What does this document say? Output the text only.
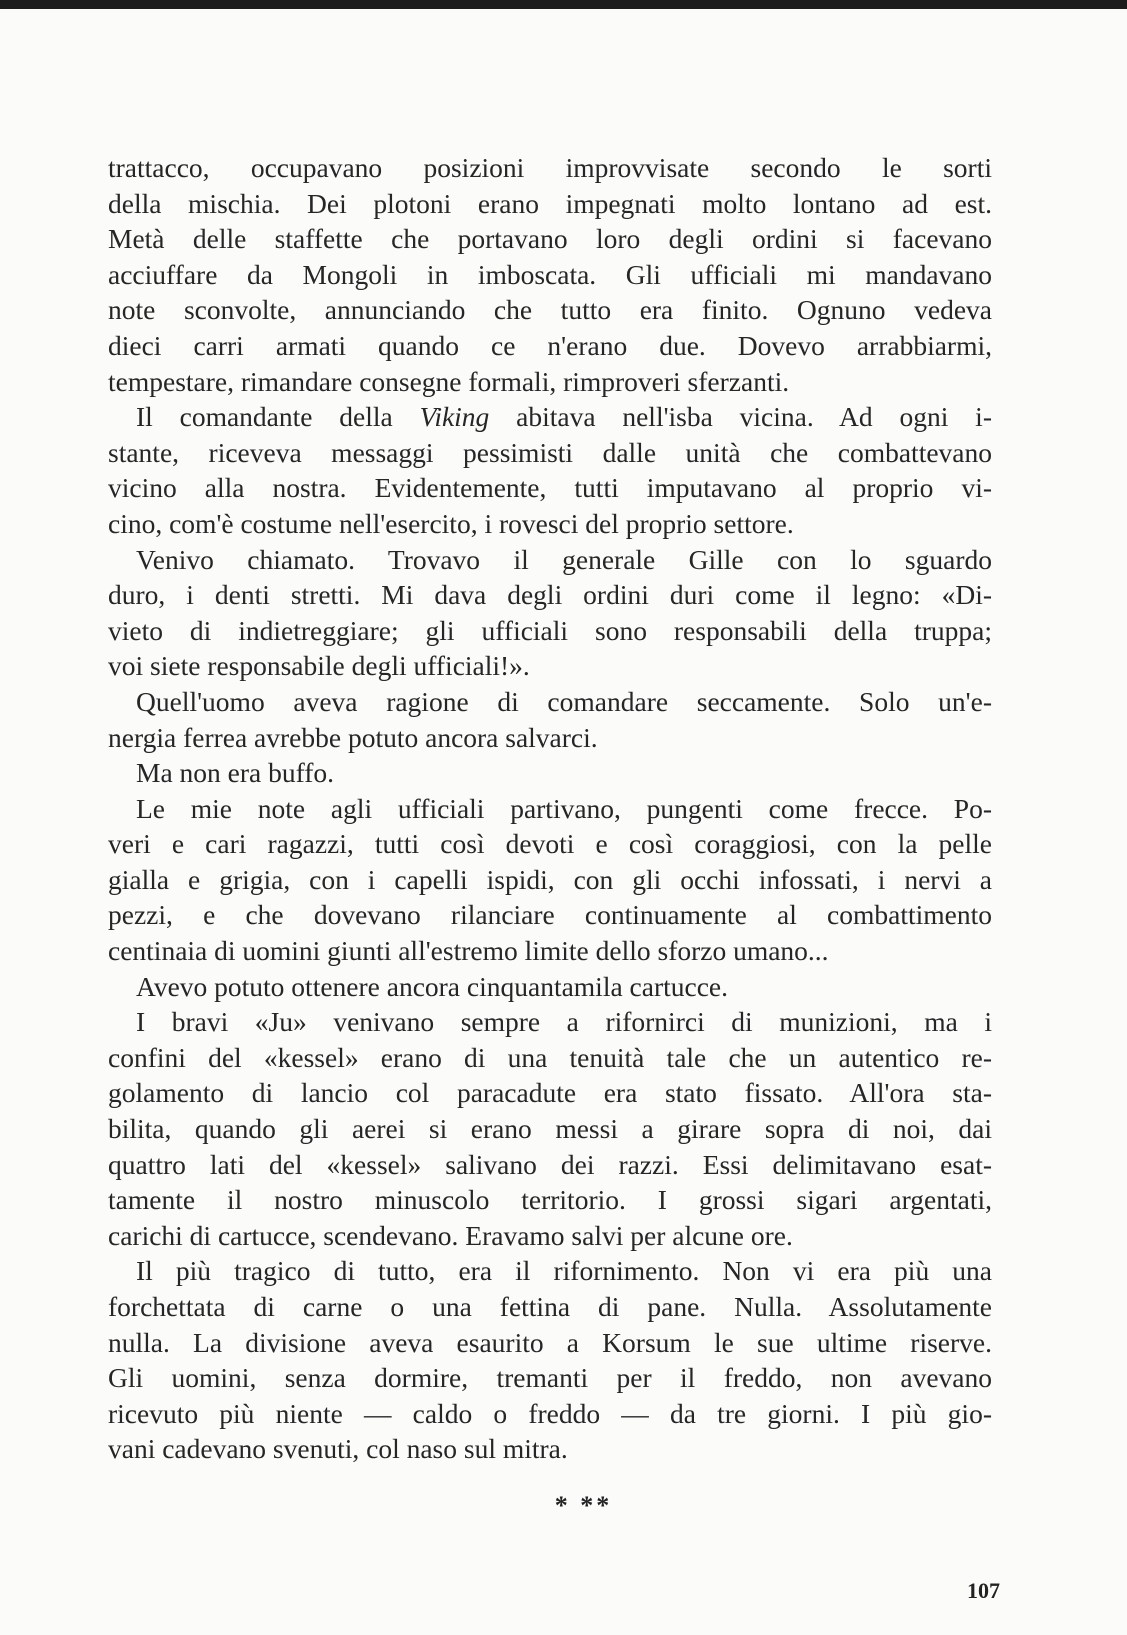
trattacco, occupavano posizioni improvvisate secondo le sorti
della mischia. Dei plotoni erano impegnati molto lontano ad est.
Metà delle staffette che portavano loro degli ordini si facevano
acciuffare da Mongoli in imboscata. Gli ufficiali mi mandavano
note sconvolte, annunciando che tutto era finito. Ognuno vedeva
dieci carri armati quando ce n'erano due. Dovevo arrabbiarmi,
tempestare, rimandare consegne formali, rimproveri sferzanti.
Il comandante della Viking abitava nell'isba vicina. Ad ogni i-
stante, riceveva messaggi pessimisti dalle unità che combattevano
vicino alla nostra. Evidentemente, tutti imputavano al proprio vi-
cino, com'è costume nell'esercito, i rovesci del proprio settore.
Venivo chiamato. Trovavo il generale Gille con lo sguardo
duro, i denti stretti. Mi dava degli ordini duri come il legno: «Di-
vieto di indietreggiare; gli ufficiali sono responsabili della truppa;
voi siete responsabile degli ufficiali!».
Quell'uomo aveva ragione di comandare seccamente. Solo un'e-
nergia ferrea avrebbe potuto ancora salvarci.
Ma non era buffo.
Le mie note agli ufficiali partivano, pungenti come frecce. Po-
veri e cari ragazzi, tutti così devoti e così coraggiosi, con la pelle
gialla e grigia, con i capelli ispidi, con gli occhi infossati, i nervi a
pezzi, e che dovevano rilanciare continuamente al combattimento
centinaia di uomini giunti all'estremo limite dello sforzo umano...
Avevo potuto ottenere ancora cinquantamila cartucce.
I bravi «Ju» venivano sempre a rifornirci di munizioni, ma i
confini del «kessel» erano di una tenuità tale che un autentico re-
golamento di lancio col paracadute era stato fissato. All'ora sta-
bilita, quando gli aerei si erano messi a girare sopra di noi, dai
quattro lati del «kessel» salivano dei razzi. Essi delimitavano esat-
tamente il nostro minuscolo territorio. I grossi sigari argentati,
carichi di cartucce, scendevano. Eravamo salvi per alcune ore.
Il più tragico di tutto, era il rifornimento. Non vi era più una
forchettata di carne o una fettina di pane. Nulla. Assolutamente
nulla. La divisione aveva esaurito a Korsum le sue ultime riserve.
Gli uomini, senza dormire, tremanti per il freddo, non avevano
ricevuto più niente — caldo o freddo — da tre giorni. I più gio-
vani cadevano svenuti, col naso sul mitra.
* **
107
